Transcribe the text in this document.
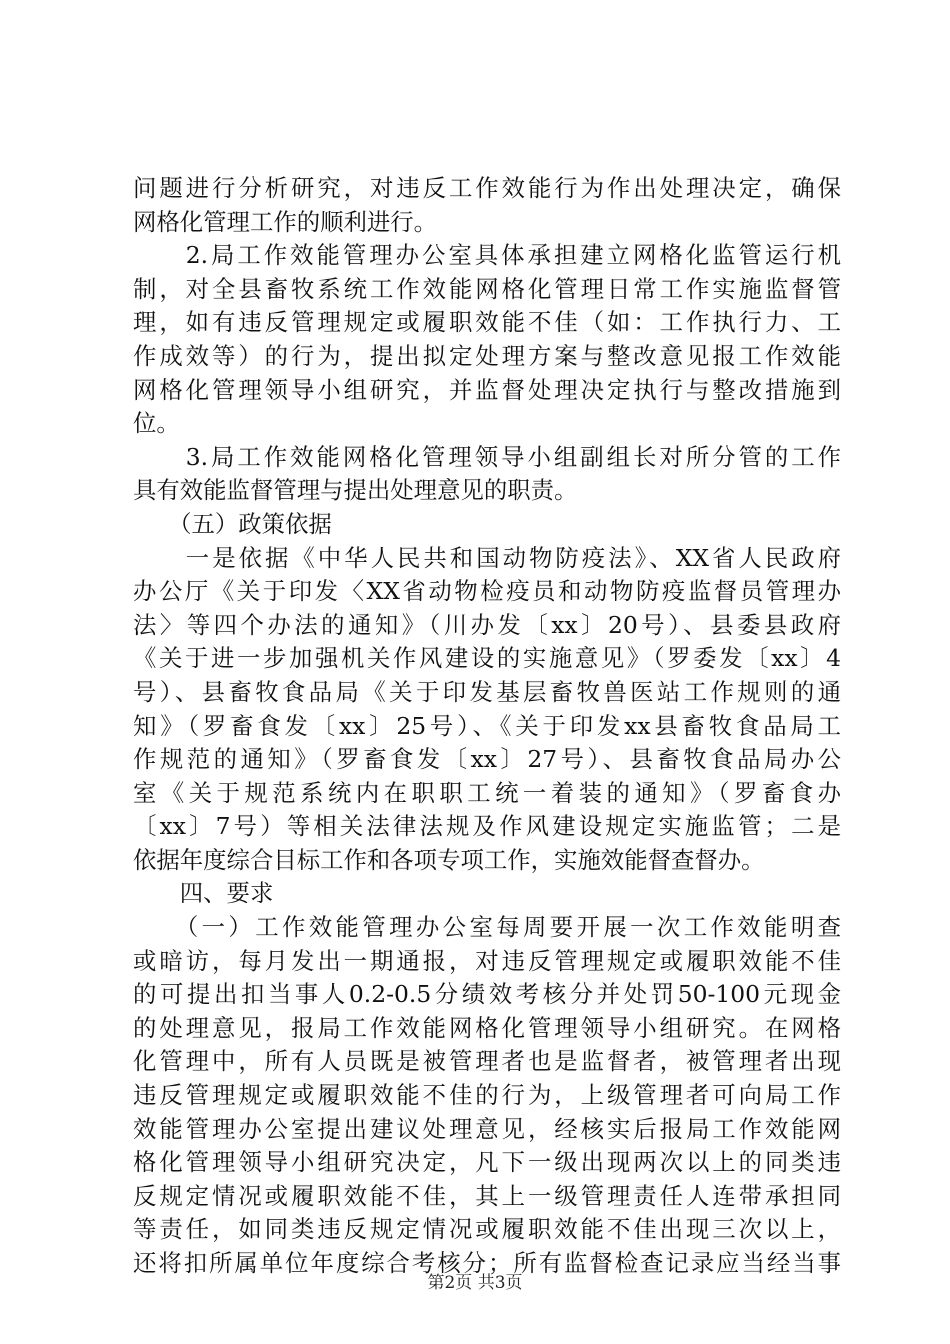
问题进行分析研究，对违反工作效能行为作出处理决定，确保
网格化管理工作的顺利进行。
　　2.局工作效能管理办公室具体承担建立网格化监管运行机
制，对全县畜牧系统工作效能网格化管理日常工作实施监督管
理，如有违反管理规定或履职效能不佳（如：工作执行力、工
作成效等）的行为，提出拟定处理方案与整改意见报工作效能
网格化管理领导小组研究，并监督处理决定执行与整改措施到
位。
　　3.局工作效能网格化管理领导小组副组长对所分管的工作
具有效能监督管理与提出处理意见的职责。
　　（五）政策依据
　　一是依据《中华人民共和国动物防疫法》、XX省人民政府
办公厅《关于印发〈XX省动物检疫员和动物防疫监督员管理办
法〉等四个办法的通知》（川办发〔xx〕20号）、县委县政府
《关于进一步加强机关作风建设的实施意见》（罗委发〔xx〕4
号）、县畜牧食品局《关于印发基层畜牧兽医站工作规则的通
知》（罗畜食发〔xx〕25号）、《关于印发xx县畜牧食品局工
作规范的通知》（罗畜食发〔xx〕27号）、县畜牧食品局办公
室《关于规范系统内在职职工统一着装的通知》（罗畜食办
〔xx〕7号）等相关法律法规及作风建设规定实施监管；二是
依据年度综合目标工作和各项专项工作，实施效能督查督办。
　　四、要求
　　（一）工作效能管理办公室每周要开展一次工作效能明查
或暗访，每月发出一期通报，对违反管理规定或履职效能不佳
的可提出扣当事人0.2-0.5分绩效考核分并处罚50-100元现金
的处理意见，报局工作效能网格化管理领导小组研究。在网格
化管理中，所有人员既是被管理者也是监督者，被管理者出现
违反管理规定或履职效能不佳的行为，上级管理者可向局工作
效能管理办公室提出建议处理意见，经核实后报局工作效能网
格化管理领导小组研究决定，凡下一级出现两次以上的同类违
反规定情况或履职效能不佳，其上一级管理责任人连带承担同
等责任，如同类违反规定情况或履职效能不佳出现三次以上，
还将扣所属单位年度综合考核分；所有监督检查记录应当经当事
第2页 共3页
